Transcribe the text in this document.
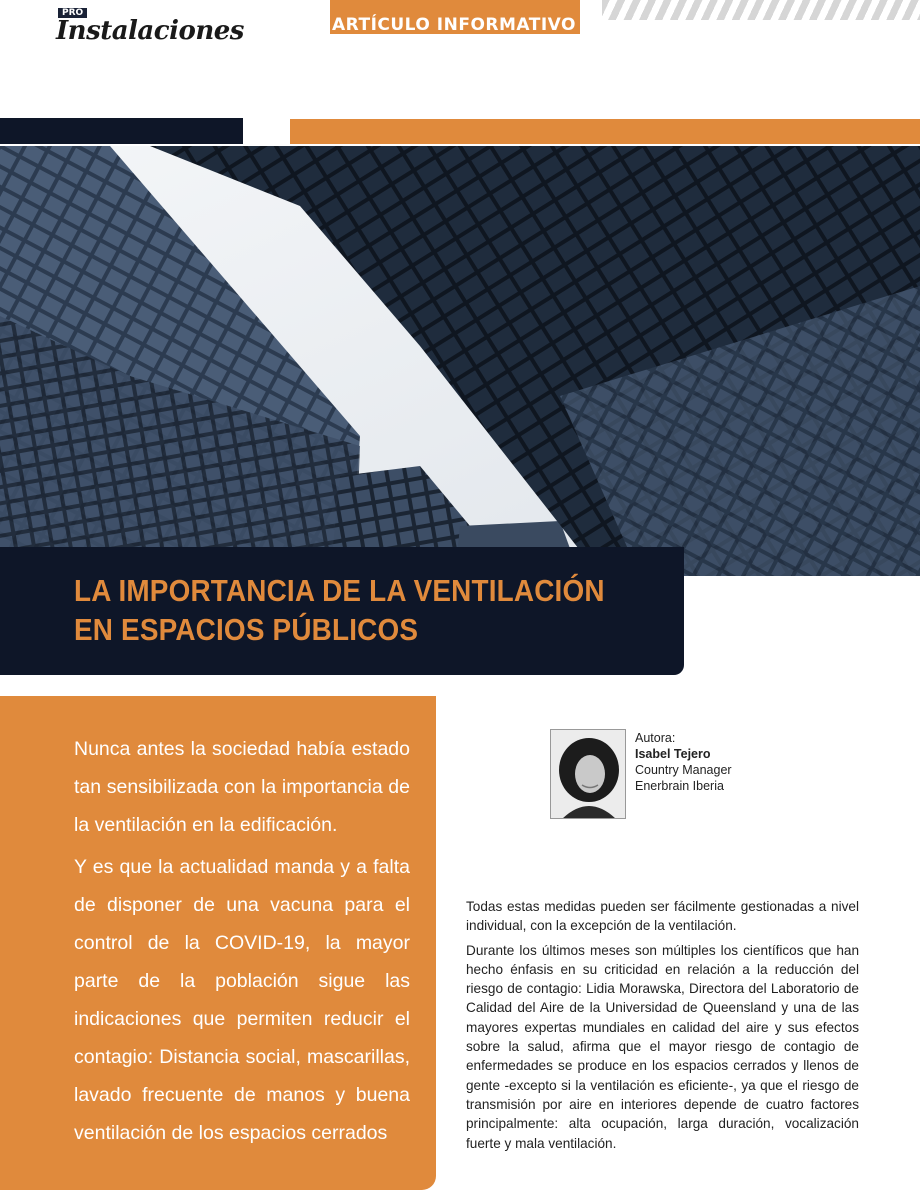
PRO
Instalaciones	ARTÍCULO INFORMATIVO
LA IMPORTANCIA DE LA VENTILACIÓN
EN ESPACIOS PÚBLICOS

Nunca antes la sociedad había estado tan sensibilizada con la importancia de la ventilación en la edificación.

Y es que la actualidad manda y a falta de disponer de una vacuna para el control de la COVID-19, la mayor parte de la población sigue las indicaciones que permiten reducir el contagio: Distancia social, mascarillas, lavado frecuente de manos y buena ventilación de los espacios cerrados

Autora:
Isabel Tejero
Country Manager
Enerbrain Iberia

Todas estas medidas pueden ser fácilmente gestionadas a nivel individual, con la excepción de la ventilación.

Durante los últimos meses son múltiples los científicos que han hecho énfasis en su criticidad en relación a la reducción del riesgo de contagio: Lidia Morawska, Directora del Laboratorio de Calidad del Aire de la Universidad de Queensland y una de las mayores expertas mundiales en calidad del aire y sus efectos sobre la salud, afirma que el mayor riesgo de contagio de enfermedades se produce en los espacios cerrados y llenos de gente -excepto si la ventilación es eficiente-, ya que el riesgo de transmisión por aire en interiores depende de cuatro factores principalmente: alta ocupación, larga duración, vocalización fuerte y mala ventilación.
